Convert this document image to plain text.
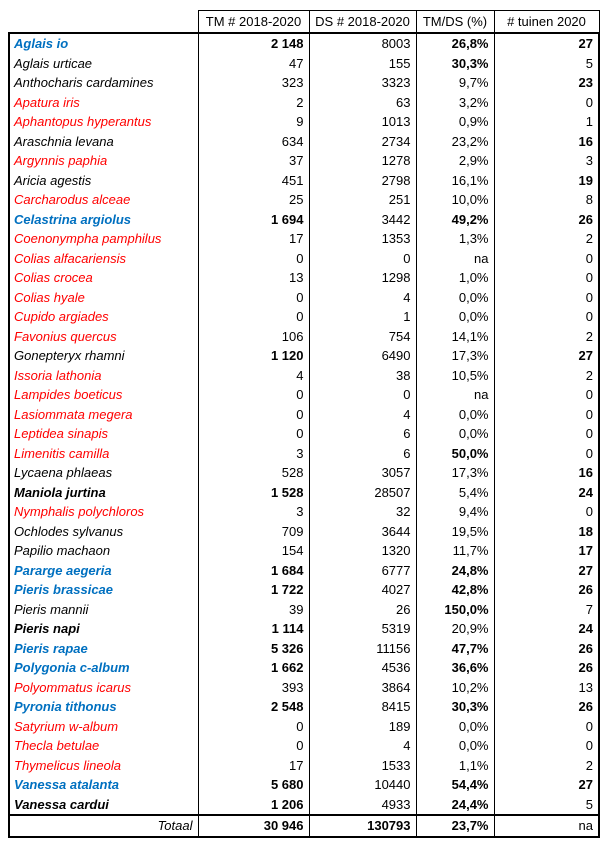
	TM # 2018-2020	DS # 2018-2020	TM/DS (%)	# tuinen 2020
Aglais io	2 148	8003	26,8%	27
Aglais urticae	47	155	30,3%	5
Anthocharis cardamines	323	3323	9,7%	23
Apatura iris	2	63	3,2%	0
Aphantopus hyperantus	9	1013	0,9%	1
Araschnia levana	634	2734	23,2%	16
Argynnis paphia	37	1278	2,9%	3
Aricia agestis	451	2798	16,1%	19
Carcharodus alceae	25	251	10,0%	8
Celastrina argiolus	1 694	3442	49,2%	26
Coenonympha pamphilus	17	1353	1,3%	2
Colias alfacariensis	0	0	na	0
Colias crocea	13	1298	1,0%	0
Colias hyale	0	4	0,0%	0
Cupido argiades	0	1	0,0%	0
Favonius quercus	106	754	14,1%	2
Gonepteryx rhamni	1 120	6490	17,3%	27
Issoria lathonia	4	38	10,5%	2
Lampides boeticus	0	0	na	0
Lasiommata megera	0	4	0,0%	0
Leptidea sinapis	0	6	0,0%	0
Limenitis camilla	3	6	50,0%	0
Lycaena phlaeas	528	3057	17,3%	16
Maniola jurtina	1 528	28507	5,4%	24
Nymphalis polychloros	3	32	9,4%	0
Ochlodes sylvanus	709	3644	19,5%	18
Papilio machaon	154	1320	11,7%	17
Pararge aegeria	1 684	6777	24,8%	27
Pieris brassicae	1 722	4027	42,8%	26
Pieris mannii	39	26	150,0%	7
Pieris napi	1 114	5319	20,9%	24
Pieris rapae	5 326	11156	47,7%	26
Polygonia c-album	1 662	4536	36,6%	26
Polyommatus icarus	393	3864	10,2%	13
Pyronia tithonus	2 548	8415	30,3%	26
Satyrium w-album	0	189	0,0%	0
Thecla betulae	0	4	0,0%	0
Thymelicus lineola	17	1533	1,1%	2
Vanessa atalanta	5 680	10440	54,4%	27
Vanessa cardui	1 206	4933	24,4%	5
Totaal	30 946	130793	23,7%	na
